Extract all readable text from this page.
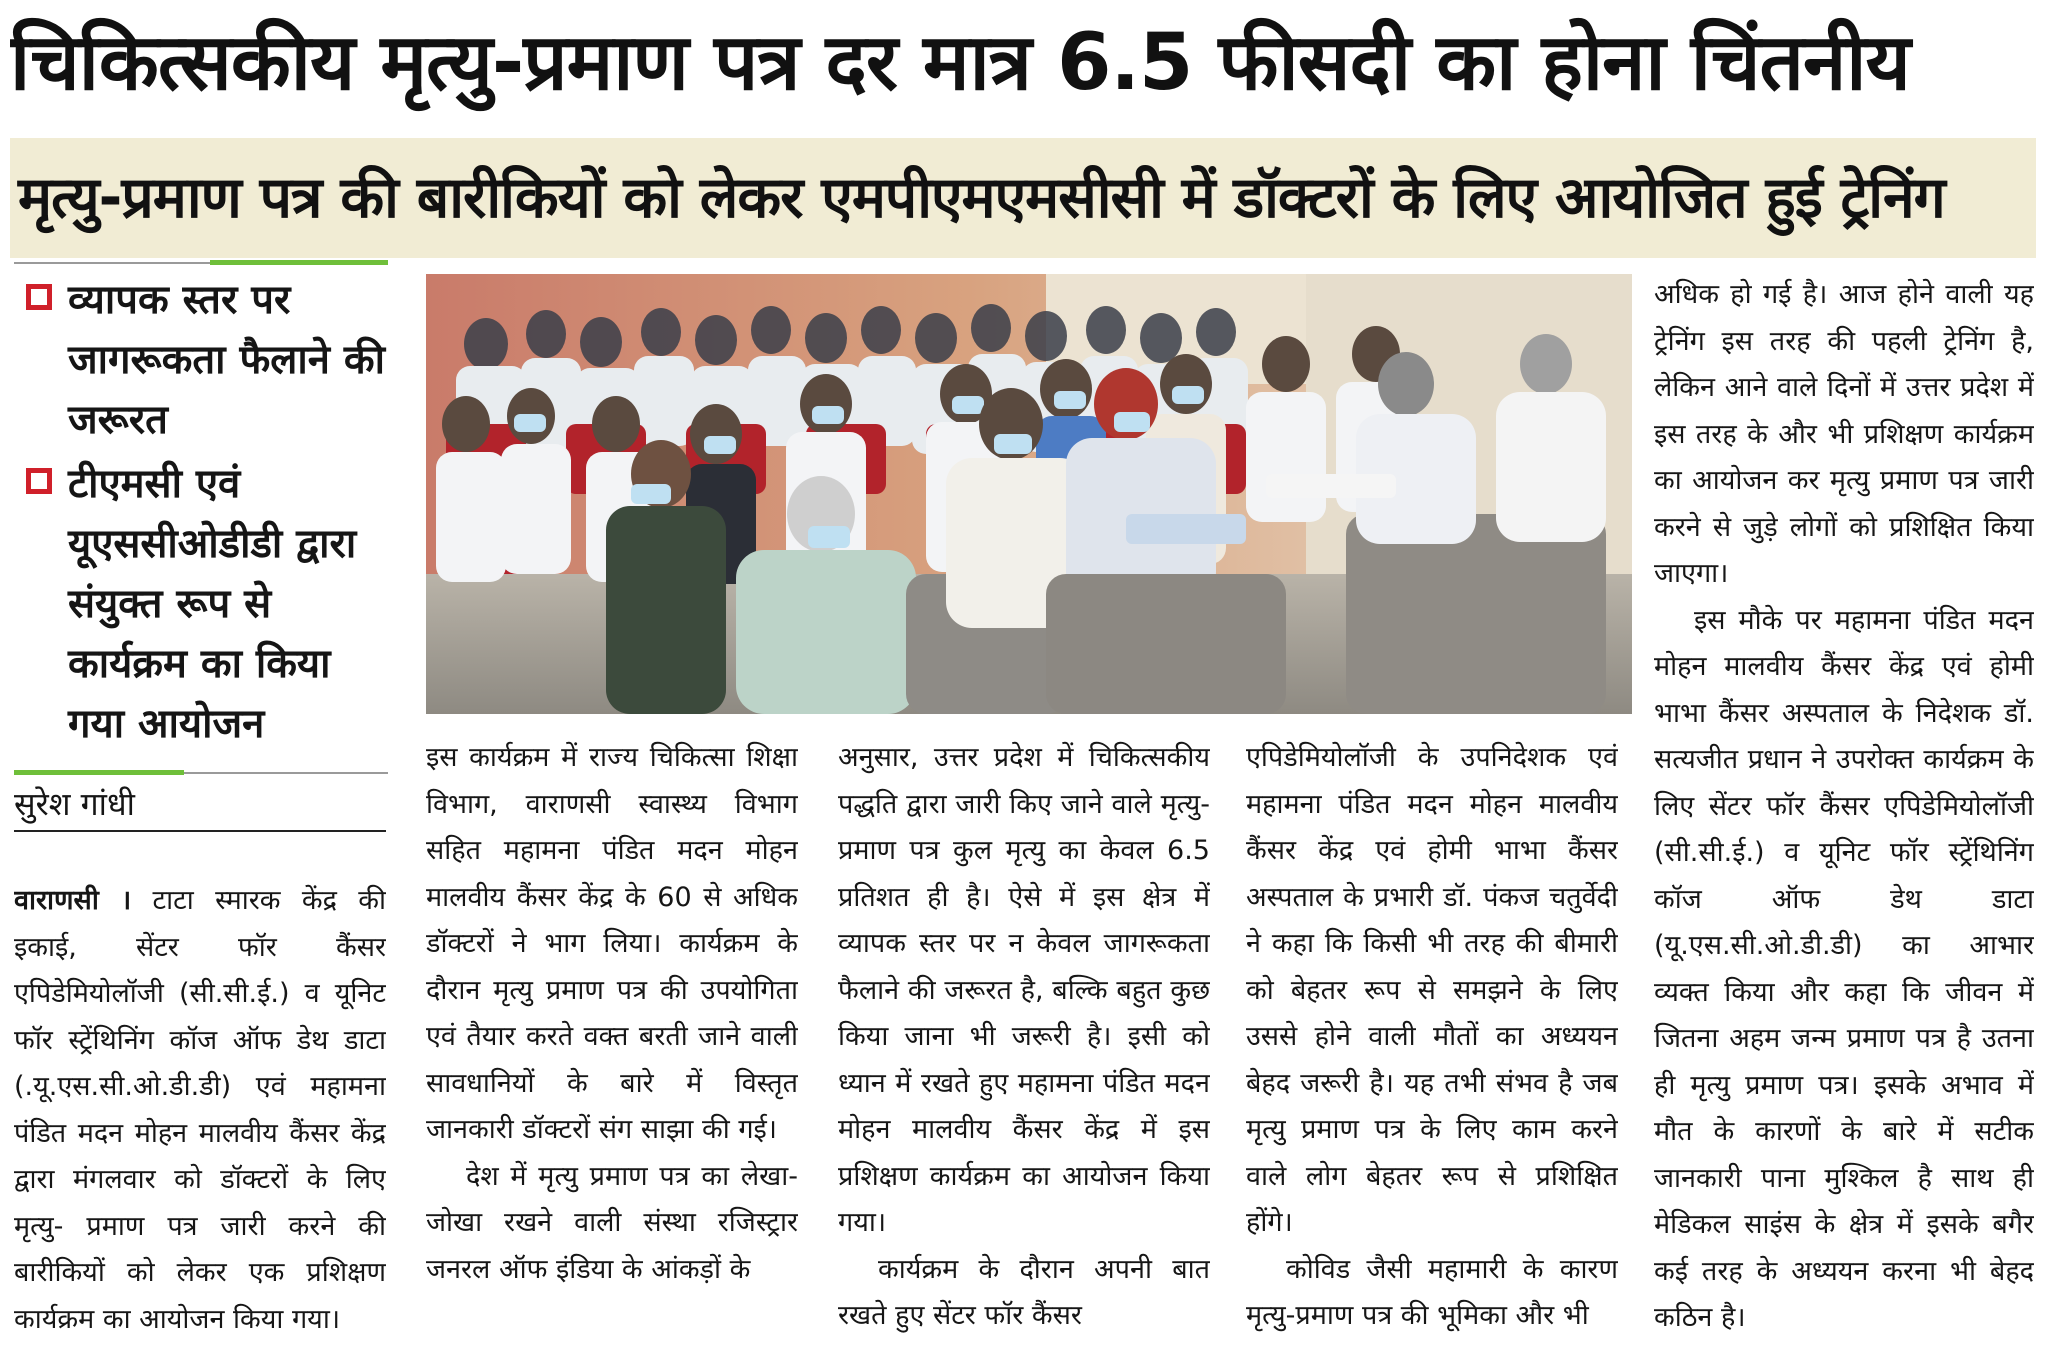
चिकित्सकीय मृत्यु-प्रमाण पत्र दर मात्र 6.5 फीसदी का होना चिंतनीय
मृत्यु-प्रमाण पत्र की बारीकियों को लेकर एमपीएमएमसीसी में डॉक्टरों के लिए आयोजित हुई ट्रेनिंग
व्यापक स्तर पर जागरूकता फैलाने की जरूरत
टीएमसी एवं यूएससीओडीडी द्वारा संयुक्त रूप से कार्यक्रम का किया गया आयोजन
सुरेश गांधी

वाराणसी । टाटा स्मारक केंद्र की इकाई, सेंटर फॉर कैंसर एपिडेमियोलॉजी (सी.सी.ई.) व यूनिट फॉर स्ट्रेंथिनिंग कॉज ऑफ डेथ डाटा (.यू.एस.सी.ओ.डी.डी) एवं महामना पंडित मदन मोहन मालवीय कैंसर केंद्र द्वारा मंगलवार को डॉक्टरों के लिए मृत्यु- प्रमाण पत्र जारी करने की बारीकियों को लेकर एक प्रशिक्षण कार्यक्रम का आयोजन किया गया।

इस कार्यक्रम में राज्य चिकित्सा शिक्षा विभाग, वाराणसी स्वास्थ्य विभाग सहित महामना पंडित मदन मोहन मालवीय कैंसर केंद्र के 60 से अधिक डॉक्टरों ने भाग लिया। कार्यक्रम के दौरान मृत्यु प्रमाण पत्र की उपयोगिता एवं तैयार करते वक्त बरती जाने वाली सावधानियों के बारे में विस्तृत जानकारी डॉक्टरों संग साझा की गई।

देश में मृत्यु प्रमाण पत्र का लेखा-जोखा रखने वाली संस्था रजिस्ट्रार जनरल ऑफ इंडिया के आंकड़ों के

अनुसार, उत्तर प्रदेश में चिकित्सकीय पद्धति द्वारा जारी किए जाने वाले मृत्यु-प्रमाण पत्र कुल मृत्यु का केवल 6.5 प्रतिशत ही है। ऐसे में इस क्षेत्र में व्यापक स्तर पर न केवल जागरूकता फैलाने की जरूरत है, बल्कि बहुत कुछ किया जाना भी जरूरी है। इसी को ध्यान में रखते हुए महामना पंडित मदन मोहन मालवीय कैंसर केंद्र में इस प्रशिक्षण कार्यक्रम का आयोजन किया गया।

कार्यक्रम के दौरान अपनी बात रखते हुए सेंटर फॉर कैंसर

एपिडेमियोलॉजी के उपनिदेशक एवं महामना पंडित मदन मोहन मालवीय कैंसर केंद्र एवं होमी भाभा कैंसर अस्पताल के प्रभारी डॉ. पंकज चतुर्वेदी ने कहा कि किसी भी तरह की बीमारी को बेहतर रूप से समझने के लिए उससे होने वाली मौतों का अध्ययन बेहद जरूरी है। यह तभी संभव है जब मृत्यु प्रमाण पत्र के लिए काम करने वाले लोग बेहतर रूप से प्रशिक्षित होंगे।

कोविड जैसी महामारी के कारण मृत्यु-प्रमाण पत्र की भूमिका और भी

अधिक हो गई है। आज होने वाली यह ट्रेनिंग इस तरह की पहली ट्रेनिंग है, लेकिन आने वाले दिनों में उत्तर प्रदेश में इस तरह के और भी प्रशिक्षण कार्यक्रम का आयोजन कर मृत्यु प्रमाण पत्र जारी करने से जुड़े लोगों को प्रशिक्षित किया जाएगा।

इस मौके पर महामना पंडित मदन मोहन मालवीय कैंसर केंद्र एवं होमी भाभा कैंसर अस्पताल के निदेशक डॉ. सत्यजीत प्रधान ने उपरोक्त कार्यक्रम के लिए सेंटर फॉर कैंसर एपिडेमियोलॉजी (सी.सी.ई.) व यूनिट फॉर स्ट्रेंथिनिंग कॉज ऑफ डेथ डाटा (यू.एस.सी.ओ.डी.डी) का आभार व्यक्त किया और कहा कि जीवन में जितना अहम जन्म प्रमाण पत्र है उतना ही मृत्यु प्रमाण पत्र। इसके अभाव में मौत के कारणों के बारे में सटीक जानकारी पाना मुश्किल है साथ ही मेडिकल साइंस के क्षेत्र में इसके बगैर कई तरह के अध्ययन करना भी बेहद कठिन है।
